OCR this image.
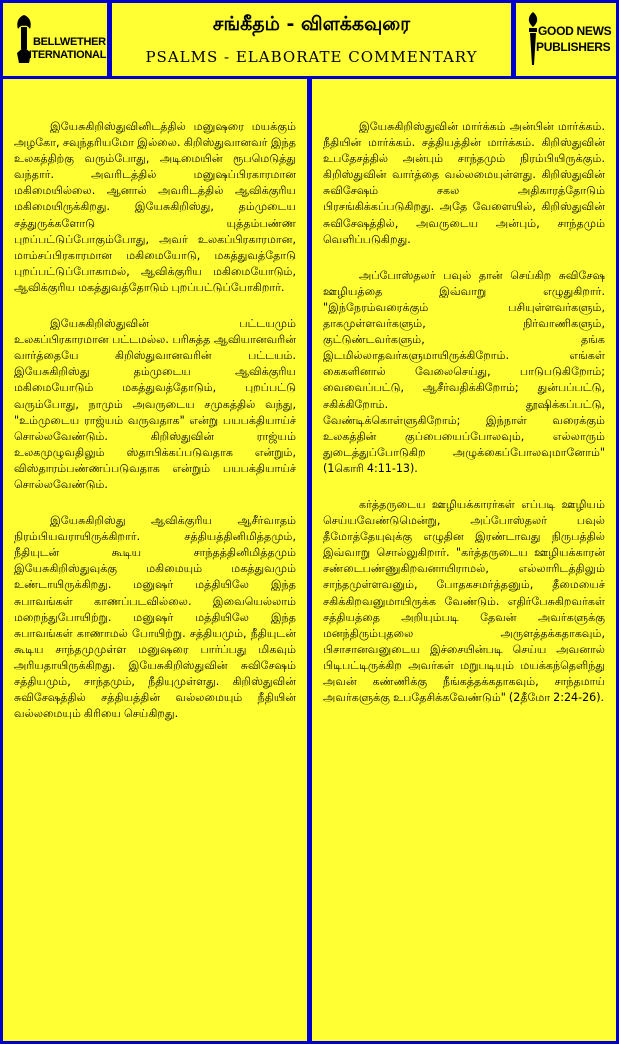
BELLWETHER
INTERNATIONAL
சங்கீதம் - விளக்கவுரை
PSALMS - ELABORATE COMMENTARY
GOOD NEWS
PUBLISHERS

இயேசுகிறிஸ்துவினிடத்தில் மனுஷரை மயக்கும் அழகோ, சவுந்தரியமோ இல்லை. கிறிஸ்துவானவர் இந்த உலகத்திற்கு வரும்போது, அடிமையின் ரூபமெடுத்து வந்தார். அவரிடத்தில் மனுஷப்பிரகாரமான மகிமையில்லை. ஆனால் அவரிடத்தில் ஆவிக்குரிய மகிமையிருக்கிறது. இயேசுகிறிஸ்து, தம்முடைய சத்துருக்களோடு யுத்தம்பண்ண புறப்பட்டுப்போகும்போது, அவர் உலகப்பிரகாரமான, மாம்சப்பிரகாரமான மகிமையோடு, மகத்துவத்தோடு புறப்பட்டுப்போகாமல், ஆவிக்குரிய மகிமையோடும், ஆவிக்குரிய மகத்துவத்தோடும் புறப்பட்டுப்போகிறார்.

இயேசுகிறிஸ்துவின் பட்டயமும் உலகப்பிரகாரமான பட்டமல்ல. பரிசுத்த ஆவியானவரின் வார்த்தையே கிறிஸ்துவானவரின் பட்டயம். இயேசுகிறிஸ்து தம்முடைய ஆவிக்குரிய மகிமையோடும் மகத்துவத்தோடும், புறப்பட்டு வரும்போது, நாமும் அவருடைய சமுகத்தில் வந்து, "உம்முடைய ராஜ்யம் வருவதாக" என்று பயபக்தியாய்ச் சொல்லவேண்டும். கிறிஸ்துவின் ராஜ்யம் உலகமுழுவதிலும் ஸ்தாபிக்கப்படுவதாக என்றும், விஸ்தாரம்பண்ணப்படுவதாக என்றும் பயபக்தியாய்ச் சொல்லவேண்டும்.

இயேசுகிறிஸ்து ஆவிக்குரிய ஆசீர்வாதம் நிரம்பியவராயிருக்கிறார். சத்தியத்தினிமித்தமும், நீதியுடன் கூடிய சாந்தத்தினிமித்தமும் இயேசுகிறிஸ்துவுக்கு மகிமையும் மகத்துவமும் உண்டாயிருக்கிறது. மனுஷர் மத்தியிலே இந்த சுபாவங்கள் காணப்படவில்லை. இவையெல்லாம் மறைந்துபோயிற்று. மனுஷர் மத்தியிலே இந்த சுபாவங்கள் காணாமல் போயிற்று. சத்தியமும், நீதியுடன் கூடிய சாந்தமுமுள்ள மனுஷரை பார்ப்பது மிகவும் அரியதாயிருக்கிறது. இயேசுகிறிஸ்துவின் சுவிசேஷம் சத்தியமும், சாந்தமும், நீதியுமுள்ளது. கிறிஸ்துவின் சுவிசேஷத்தில் சத்தியத்தின் வல்லமையும் நீதியின் வல்லமையும் கிரியை செய்கிறது.

இயேசுகிறிஸ்துவின் மார்க்கம் அன்பின் மார்க்கம். நீதியின் மார்க்கம். சத்தியத்தின் மார்க்கம். கிறிஸ்துவின் உபதேசத்தில் அன்பும் சாந்தமும் நிரம்பியிருக்கும். கிறிஸ்துவின் வார்த்தை வல்லமையுள்ளது. கிறிஸ்துவின் சுவிசேஷம் சகல அதிகாரத்தோடும் பிரசங்கிக்கப்படுகிறது. அதே வேளையில், கிறிஸ்துவின் சுவிசேஷத்தில், அவருடைய அன்பும், சாந்தமும் வெளிப்படுகிறது.

அப்போஸ்தலர் பவுல் தான் செய்கிற சுவிசேஷ ஊழியத்தை இவ்வாறு எழுதுகிறார். "இந்நேரம்வரைக்கும் பசியுள்ளவர்களும், தாகமுள்ளவர்களும், நிர்வாணிகளும், குட்டுண்டவர்களும், தங்க இடமில்லாதவர்களுமாயிருக்கிறோம். எங்கள் கைகளினால் வேலைசெய்து, பாடுபடுகிறோம்; வைவைப்பட்டு, ஆசீர்வதிக்கிறோம்; துன்பப்பட்டு, சகிக்கிறோம். தூஷிக்கப்பட்டு, வேண்டிக்கொள்ளுகிறோம்; இந்நாள் வரைக்கும் உலகத்தின் குப்பையைப்போலவும், எல்லாரும் துடைத்துப்போடுகிற அழுக்கைப்போலவுமானோம்" (1கொரி 4:11-13).

கர்த்தருடைய ஊழியக்காரர்கள் எப்படி ஊழியம் செய்யவேண்டுமென்று, அப்போஸ்தலர் பவுல் தீமோத்தேயுவுக்கு எழுதின இரண்டாவது நிருபத்தில் இவ்வாறு சொல்லுகிறார். "கர்த்தருடைய ஊழியக்காரன் சண்டைபண்ணுகிறவனாயிராமல், எல்லாரிடத்திலும் சாந்தமுள்ளவனும், போதகசமர்த்தனும், தீமையைச் சகிக்கிறவனுமாயிருக்க வேண்டும். எதிர்பேசுகிறவர்கள் சத்தியத்தை அறியும்படி தேவன் அவர்களுக்கு மனந்திரும்புதலை அருளத்தக்கதாகவும், பிசாசானவனுடைய இச்சையின்படி செய்ய அவனால் பிடிபட்டிருக்கிற அவர்கள் மறுபடியும் மயக்கந்தெளிந்து அவன் கண்ணிக்கு நீங்கத்தக்கதாகவும், சாந்தமாய் அவர்களுக்கு உபதேசிக்கவேண்டும்" (2தீமோ 2:24-26).
